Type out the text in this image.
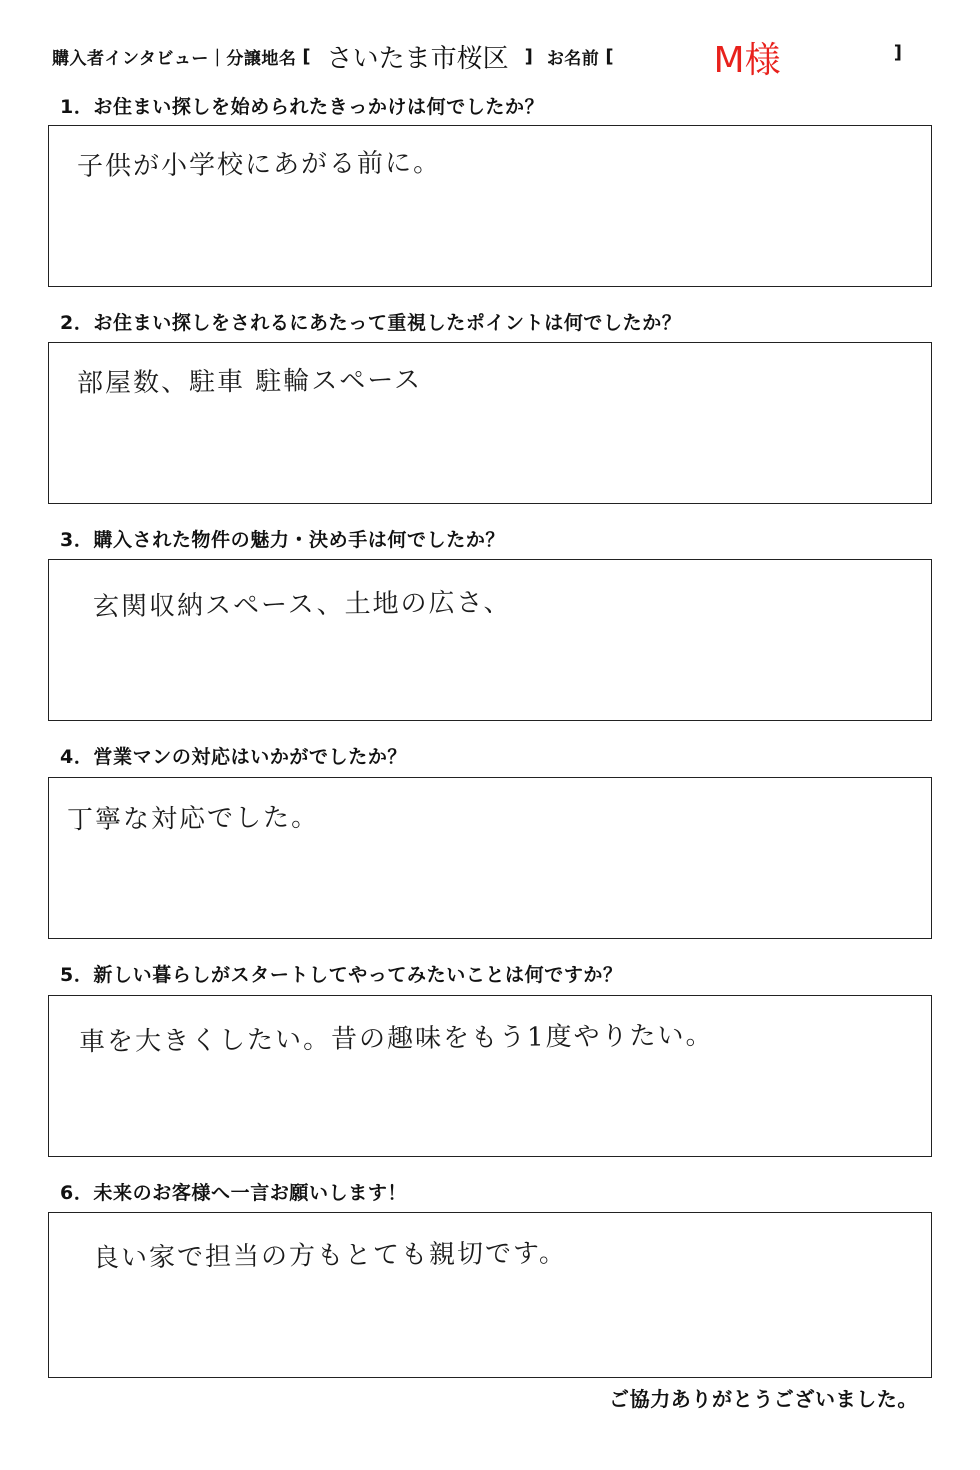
購入者インタビュー｜分譲地名 [ さいたま市桜区 ] お名前 [	M様	]
1．お住まい探しを始められたきっかけは何でしたか？
子供が小学校にあがる前に。
2．お住まい探しをされるにあたって重視したポイントは何でしたか？
部屋数、駐車 駐輪スペース
3．購入された物件の魅力・決め手は何でしたか？
玄関収納スペース、土地の広さ、
4．営業マンの対応はいかがでしたか？
丁寧な対応でした。
5．新しい暮らしがスタートしてやってみたいことは何ですか？
車を大きくしたい。昔の趣味をもう1度やりたい。
6．未来のお客様へ一言お願いします！
良い家で担当の方もとても親切です。
ご協力ありがとうございました。
